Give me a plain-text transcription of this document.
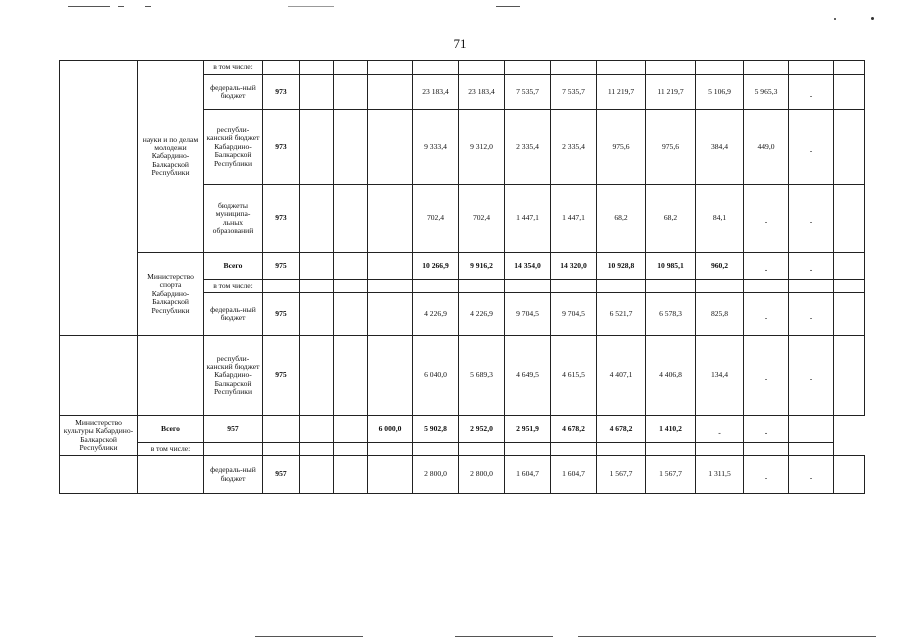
71
	науки и по делам молодежи Кабардино-Балкарской Республики	в том числе:														
		федераль-ный бюджет	973				23 183,4	23 183,4	7 535,7	7 535,7	11 219,7	11 219,7	5 106,9	5 965,3	-	
		республи-канский бюджет Кабардино-Балкарской Республики	973				9 333,4	9 312,0	2 335,4	2 335,4	975,6	975,6	384,4	449,0	-	
		бюджеты муниципа-льных образований	973				702,4	702,4	1 447,1	1 447,1	68,2	68,2	84,1	-	-	
	Министерство спорта Кабардино-Балкарской Республики	Всего	975				10 266,9	9 916,2	14 354,0	14 320,0	10 928,8	10 985,1	960,2	-	-	
		в том числе:														
		федераль-ный бюджет	975				4 226,9	4 226,9	9 704,5	9 704,5	6 521,7	6 578,3	825,8	-	-	
		республи-канский бюджет Кабардино-Балкарской Республики	975				6 040,0	5 689,3	4 649,5	4 615,5	4 407,1	4 406,8	134,4	-	-	
Министерство культуры Кабардино-Балкарской Республики	Всего	957				6 000,0	5 902,8	2 952,0	2 951,9	4 678,2	4 678,2	1 410,2	-	-		
	в том числе:															
		федераль-ный бюджет	957				2 800,0	2 800,0	1 604,7	1 604,7	1 567,7	1 567,7	1 311,5	-	-	
